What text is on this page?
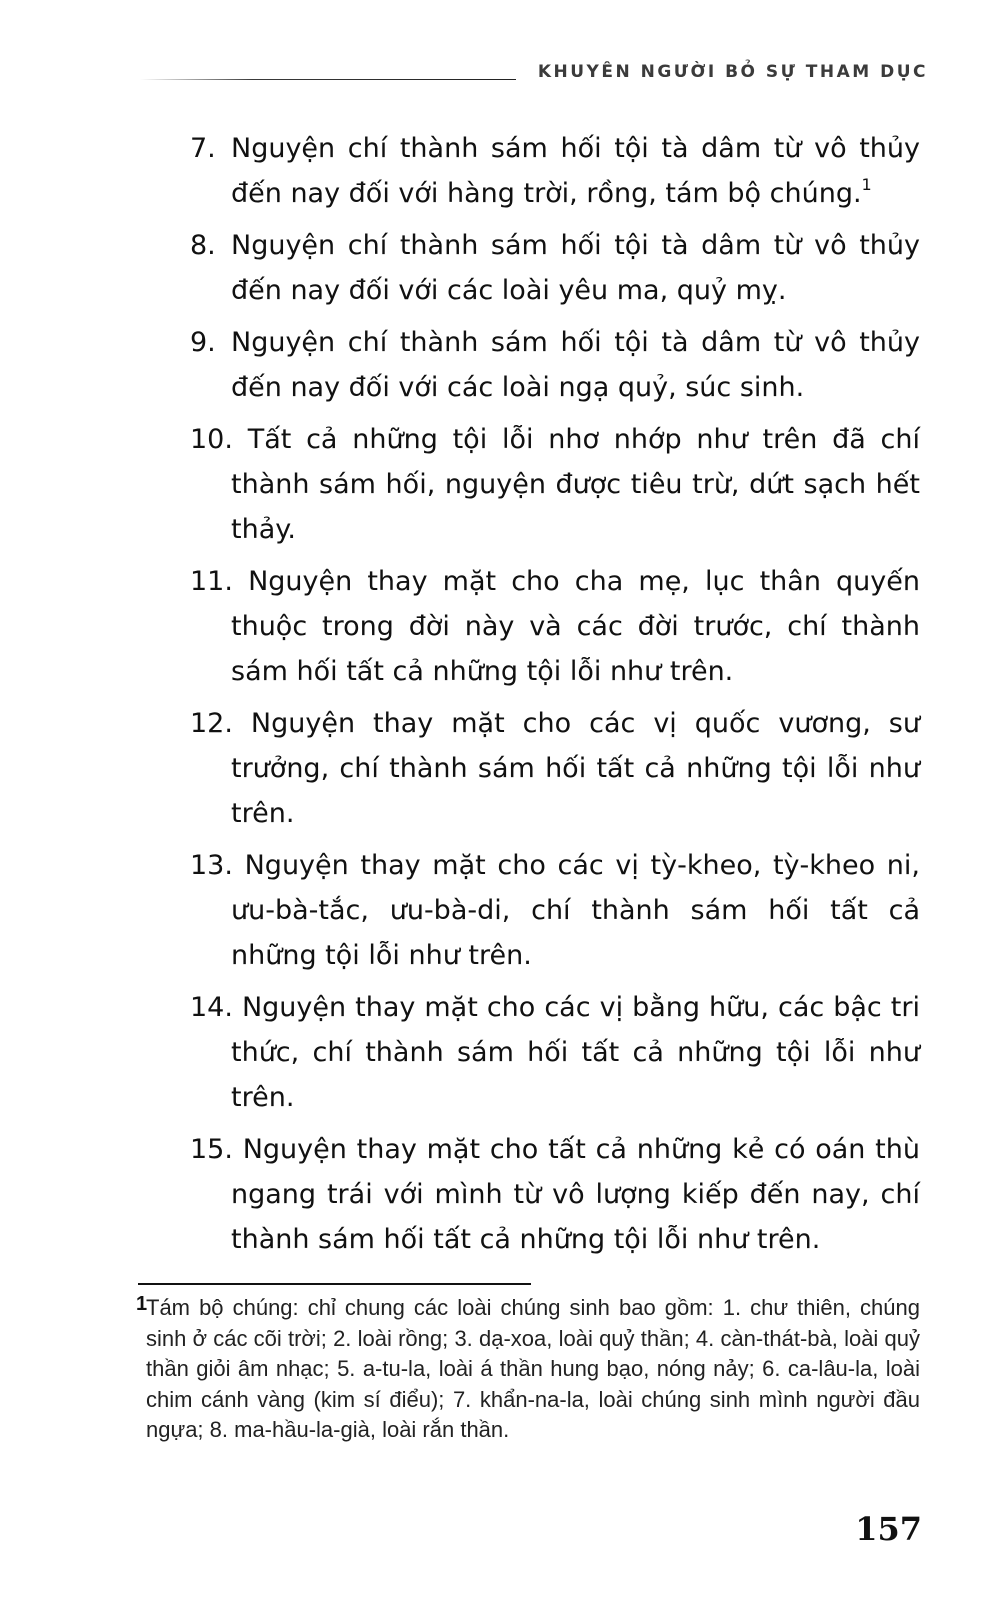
KHUYÊN NGƯỜI BỎ SỰ THAM DỤC
7. Nguyện chí thành sám hối tội tà dâm từ vô thủy đến nay đối với hàng trời, rồng, tám bộ chúng.$^1$
8. Nguyện chí thành sám hối tội tà dâm từ vô thủy đến nay đối với các loài yêu ma, quỷ mỵ.
9. Nguyện chí thành sám hối tội tà dâm từ vô thủy đến nay đối với các loài ngạ quỷ, súc sinh.
10. Tất cả những tội lỗi nhơ nhớp như trên đã chí thành sám hối, nguyện được tiêu trừ, dứt sạch hết thảy.
11. Nguyện thay mặt cho cha mẹ, lục thân quyến thuộc trong đời này và các đời trước, chí thành sám hối tất cả những tội lỗi như trên.
12. Nguyện thay mặt cho các vị quốc vương, sư trưởng, chí thành sám hối tất cả những tội lỗi như trên.
13. Nguyện thay mặt cho các vị tỳ-kheo, tỳ-kheo ni, ưu-bà-tắc, ưu-bà-di, chí thành sám hối tất cả những tội lỗi như trên.
14. Nguyện thay mặt cho các vị bằng hữu, các bậc tri thức, chí thành sám hối tất cả những tội lỗi như trên.
15. Nguyện thay mặt cho tất cả những kẻ có oán thù ngang trái với mình từ vô lượng kiếp đến nay, chí thành sám hối tất cả những tội lỗi như trên.
1
Tám bộ chúng: chỉ chung các loài chúng sinh bao gồm: 1. chư thiên, chúng sinh ở các cõi trời; 2. loài rồng; 3. dạ-xoa, loài quỷ thần; 4. càn-thát-bà, loài quỷ thần giỏi âm nhạc; 5. a-tu-la, loài á thần hung bạo, nóng nảy; 6. ca-lâu-la, loài chim cánh vàng (kim sí điểu); 7. khẩn-na-la, loài chúng sinh mình người đầu ngựa; 8. ma-hầu-la-già, loài rắn thần.
157
